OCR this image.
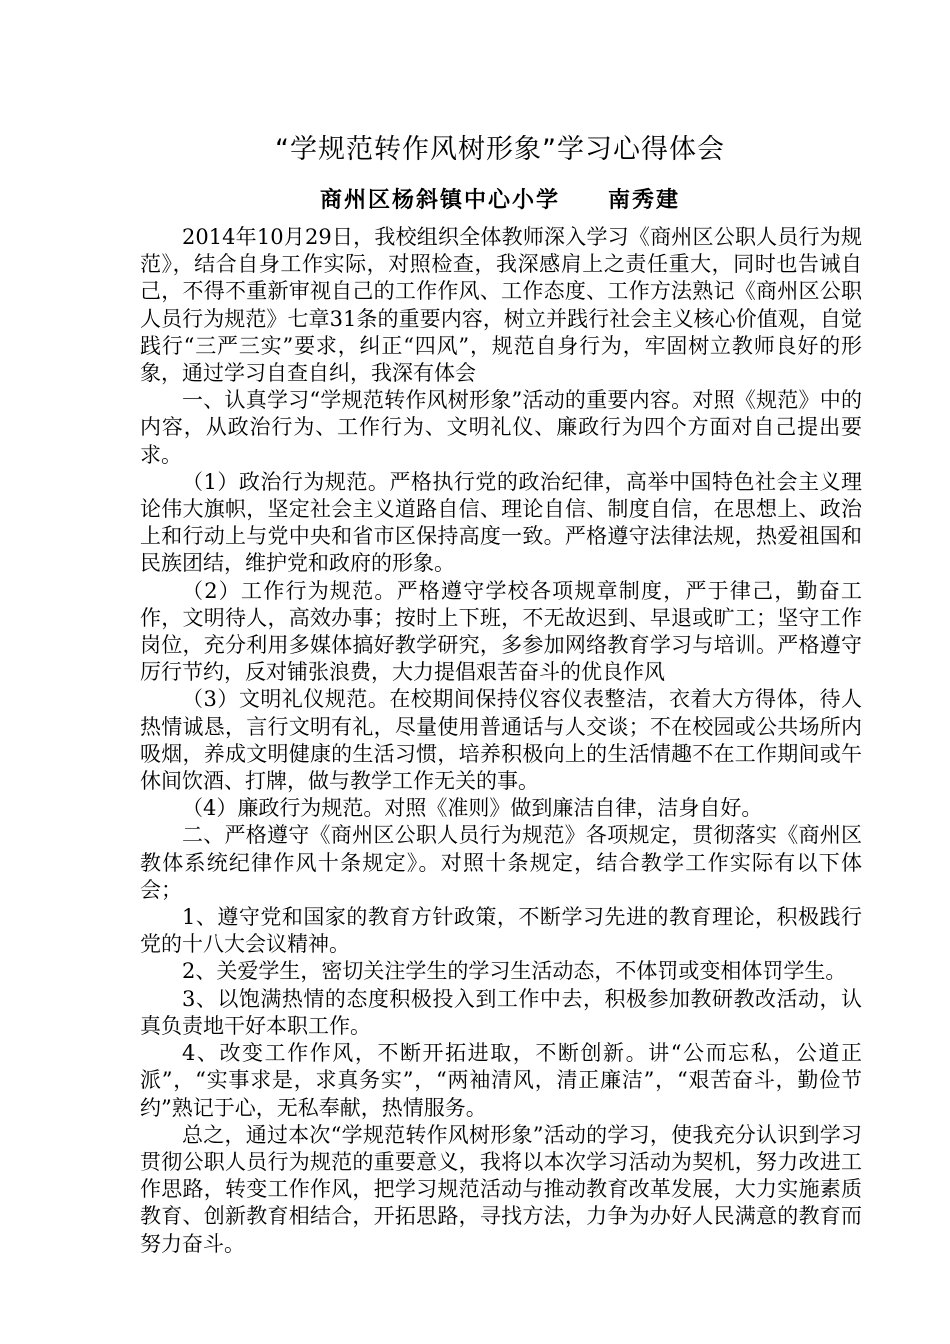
“学规范转作风树形象”学习心得体会
商州区杨斜镇中心小学 南秀建

2014年10月29日，我校组织全体教师深入学习《商州区公职人员行为规范》，结合自身工作实际，对照检查，我深感肩上之责任重大，同时也告诫自己，不得不重新审视自己的工作作风、工作态度、工作方法熟记《商州区公职人员行为规范》七章31条的重要内容，树立并践行社会主义核心价值观，自觉践行“三严三实”要求，纠正“四风”，规范自身行为，牢固树立教师良好的形象，通过学习自查自纠，我深有体会

一、认真学习“学规范转作风树形象”活动的重要内容。对照《规范》中的内容，从政治行为、工作行为、文明礼仪、廉政行为四个方面对自己提出要求。

（1）政治行为规范。严格执行党的政治纪律，高举中国特色社会主义理论伟大旗帜，坚定社会主义道路自信、理论自信、制度自信，在思想上、政治上和行动上与党中央和省市区保持高度一致。严格遵守法律法规，热爱祖国和民族团结，维护党和政府的形象。

（2）工作行为规范。严格遵守学校各项规章制度，严于律己，勤奋工作，文明待人，高效办事；按时上下班，不无故迟到、早退或旷工；坚守工作岗位，充分利用多媒体搞好教学研究，多参加网络教育学习与培训。严格遵守厉行节约，反对铺张浪费，大力提倡艰苦奋斗的优良作风

（3）文明礼仪规范。在校期间保持仪容仪表整洁，衣着大方得体，待人热情诚恳，言行文明有礼，尽量使用普通话与人交谈；不在校园或公共场所内吸烟，养成文明健康的生活习惯，培养积极向上的生活情趣不在工作期间或午休间饮酒、打牌，做与教学工作无关的事。

（4）廉政行为规范。对照《准则》做到廉洁自律，洁身自好。

二、严格遵守《商州区公职人员行为规范》各项规定，贯彻落实《商州区教体系统纪律作风十条规定》。对照十条规定，结合教学工作实际有以下体会；

1、遵守党和国家的教育方针政策，不断学习先进的教育理论，积极践行党的十八大会议精神。

2、关爱学生，密切关注学生的学习生活动态，不体罚或变相体罚学生。

3、以饱满热情的态度积极投入到工作中去，积极参加教研教改活动，认真负责地干好本职工作。

4、改变工作作风，不断开拓进取，不断创新。讲“公而忘私，公道正派”，“实事求是，求真务实”，“两袖清风，清正廉洁”，“艰苦奋斗，勤俭节约”熟记于心，无私奉献，热情服务。

总之，通过本次“学规范转作风树形象”活动的学习，使我充分认识到学习贯彻公职人员行为规范的重要意义，我将以本次学习活动为契机，努力改进工作思路，转变工作作风，把学习规范活动与推动教育改革发展，大力实施素质教育、创新教育相结合，开拓思路，寻找方法，力争为办好人民满意的教育而努力奋斗。
